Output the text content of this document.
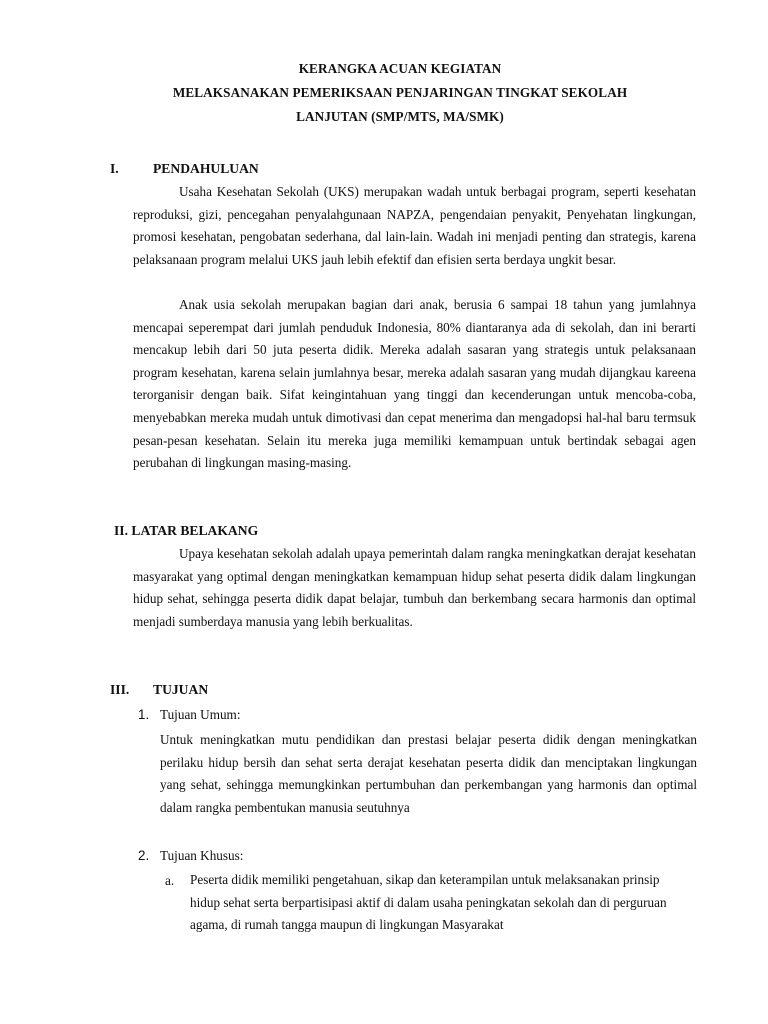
KERANGKA ACUAN KEGIATAN
MELAKSANAKAN PEMERIKSAAN PENJARINGAN TINGKAT SEKOLAH
LANJUTAN (SMP/MTS, MA/SMK)
I.	PENDAHULUAN

Usaha Kesehatan Sekolah (UKS) merupakan wadah untuk berbagai program, seperti kesehatan reproduksi, gizi, pencegahan penyalahgunaan NAPZA, pengendaian penyakit, Penyehatan lingkungan, promosi kesehatan, pengobatan sederhana, dal lain-lain. Wadah ini menjadi penting dan strategis, karena pelaksanaan program melalui UKS jauh lebih efektif dan efisien serta berdaya ungkit besar.

Anak usia sekolah merupakan bagian dari anak, berusia 6 sampai 18 tahun yang jumlahnya mencapai seperempat dari jumlah penduduk Indonesia, 80% diantaranya ada di sekolah, dan ini berarti mencakup lebih dari 50 juta peserta didik. Mereka adalah sasaran yang strategis untuk pelaksanaan program kesehatan, karena selain jumlahnya besar, mereka adalah sasaran yang mudah dijangkau kareena terorganisir dengan baik. Sifat keingintahuan yang tinggi dan kecenderungan untuk mencoba-coba, menyebabkan mereka mudah untuk dimotivasi dan cepat menerima dan mengadopsi hal-hal baru termsuk pesan-pesan kesehatan. Selain itu mereka juga memiliki kemampuan untuk bertindak sebagai agen perubahan di lingkungan masing-masing.

II. LATAR BELAKANG

Upaya kesehatan sekolah adalah upaya pemerintah dalam rangka meningkatkan derajat kesehatan masyarakat yang optimal dengan meningkatkan kemampuan hidup sehat peserta didik dalam lingkungan hidup sehat, sehingga peserta didik dapat belajar, tumbuh dan berkembang secara harmonis dan optimal menjadi sumberdaya manusia yang lebih berkualitas.

III. TUJUAN
1. Tujuan Umum:

Untuk meningkatkan mutu pendidikan dan prestasi belajar peserta didik dengan meningkatkan perilaku hidup bersih dan sehat serta derajat kesehatan peserta didik dan menciptakan lingkungan yang sehat, sehingga memungkinkan pertumbuhan dan perkembangan yang harmonis dan optimal dalam rangka pembentukan manusia seutuhnya

2. Tujuan Khusus:
a. Peserta didik memiliki pengetahuan, sikap dan keterampilan untuk melaksanakan prinsip hidup sehat serta berpartisipasi aktif di dalam usaha peningkatan sekolah dan di perguruan agama, di rumah tangga maupun di lingkungan Masyarakat
